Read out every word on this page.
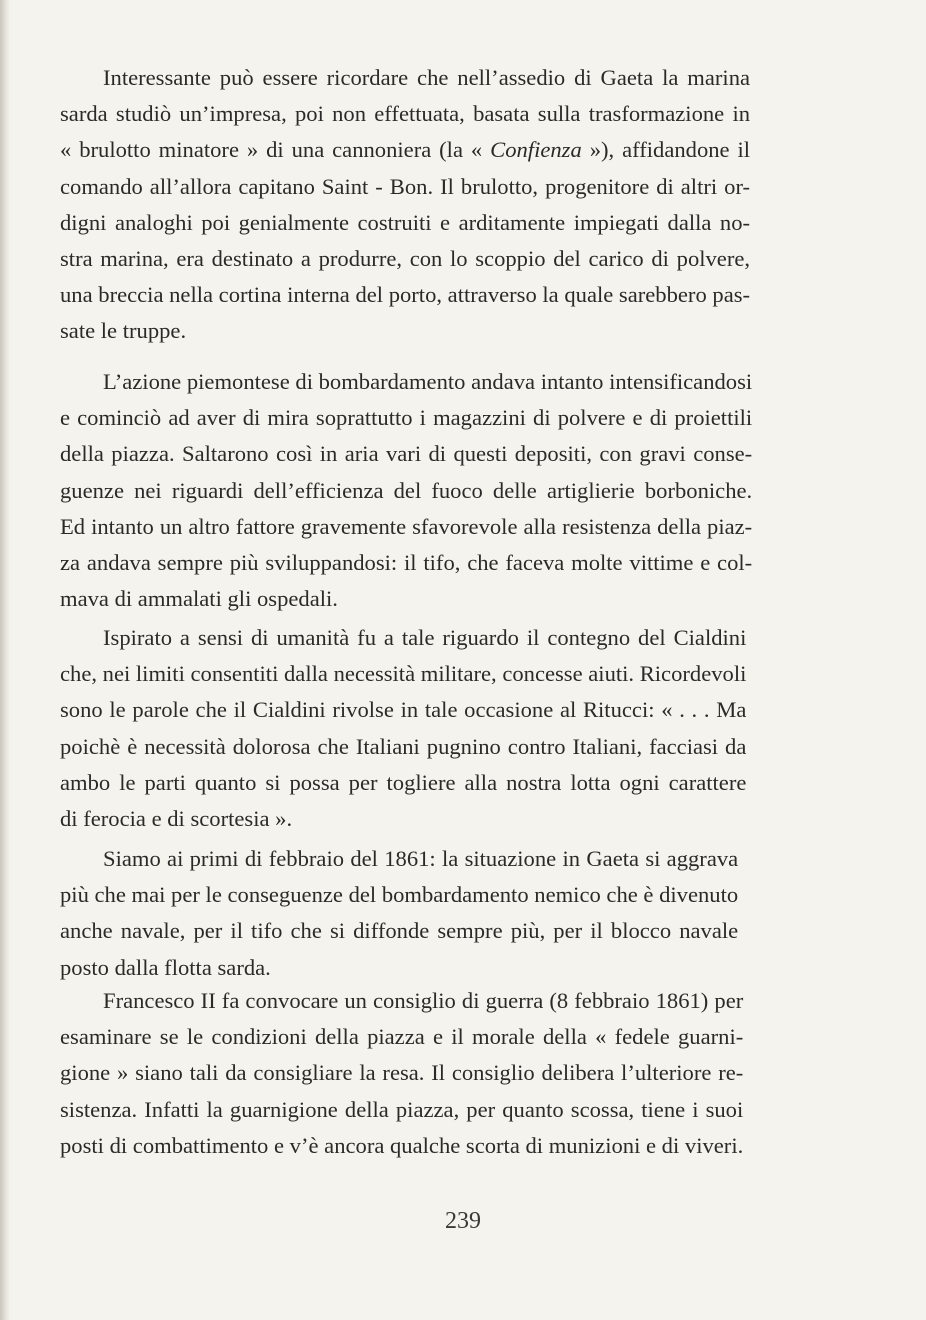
Interessante può essere ricordare che nell’assedio di Gaeta la marina
sarda studiò un’impresa, poi non effettuata, basata sulla trasformazione in
« brulotto minatore » di una cannoniera (la « Confienza »), affidandone il
comando all’allora capitano Saint - Bon. Il brulotto, progenitore di altri or-
digni analoghi poi genialmente costruiti e arditamente impiegati dalla no-
stra marina, era destinato a produrre, con lo scoppio del carico di polvere,
una breccia nella cortina interna del porto, attraverso la quale sarebbero pas-
sate le truppe.
L’azione piemontese di bombardamento andava intanto intensificandosi
e cominciò ad aver di mira soprattutto i magazzini di polvere e di proiettili
della piazza. Saltarono così in aria vari di questi depositi, con gravi conse-
guenze nei riguardi dell’efficienza del fuoco delle artiglierie borboniche.
Ed intanto un altro fattore gravemente sfavorevole alla resistenza della piaz-
za andava sempre più sviluppandosi: il tifo, che faceva molte vittime e col-
mava di ammalati gli ospedali.
Ispirato a sensi di umanità fu a tale riguardo il contegno del Cialdini
che, nei limiti consentiti dalla necessità militare, concesse aiuti. Ricordevoli
sono le parole che il Cialdini rivolse in tale occasione al Ritucci: « . . . Ma
poichè è necessità dolorosa che Italiani pugnino contro Italiani, facciasi da
ambo le parti quanto si possa per togliere alla nostra lotta ogni carattere
di ferocia e di scortesia ».
Siamo ai primi di febbraio del 1861: la situazione in Gaeta si aggrava
più che mai per le conseguenze del bombardamento nemico che è divenuto
anche navale, per il tifo che si diffonde sempre più, per il blocco navale
posto dalla flotta sarda.
Francesco II fa convocare un consiglio di guerra (8 febbraio 1861) per
esaminare se le condizioni della piazza e il morale della « fedele guarni-
gione » siano tali da consigliare la resa. Il consiglio delibera l’ulteriore re-
sistenza. Infatti la guarnigione della piazza, per quanto scossa, tiene i suoi
posti di combattimento e v’è ancora qualche scorta di munizioni e di viveri.
239
